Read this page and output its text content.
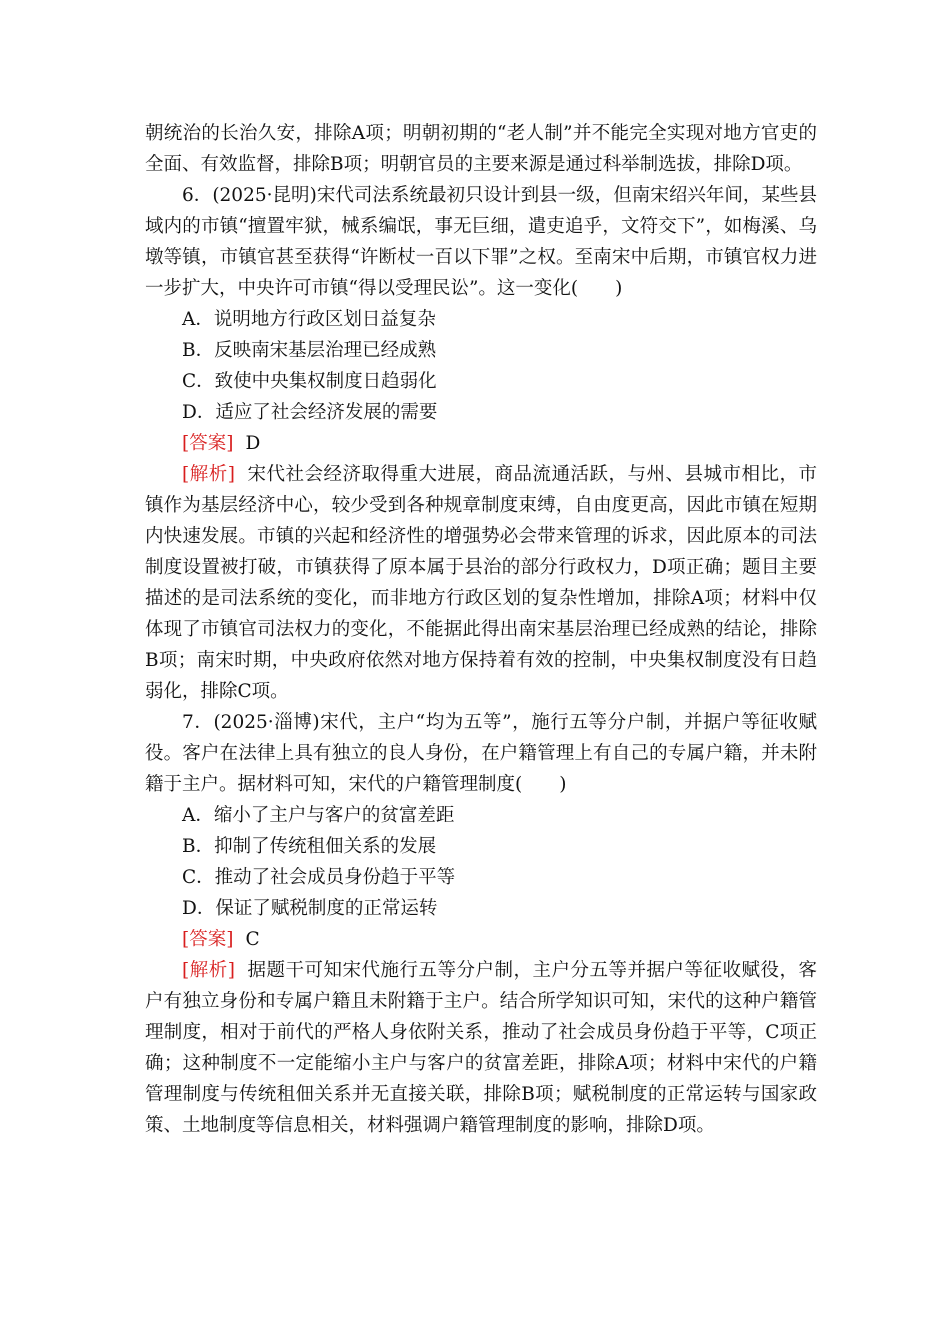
朝统治的长治久安，排除A项；明朝初期的“老人制”并不能完全实现对地方官吏的全面、有效监督，排除B项；明朝官员的主要来源是通过科举制选拔，排除D项。

6．(2025·昆明)宋代司法系统最初只设计到县一级，但南宋绍兴年间，某些县域内的市镇“擅置牢狱，械系编氓，事无巨细，遣吏追乎，文符交下”，如梅溪、乌墩等镇，市镇官甚至获得“许断杖一百以下罪”之权。至南宋中后期，市镇官权力进一步扩大，中央许可市镇“得以受理民讼”。这一变化(　　)

A．说明地方行政区划日益复杂

B．反映南宋基层治理已经成熟

C．致使中央集权制度日趋弱化

D．适应了社会经济发展的需要

[答案] D

[解析] 宋代社会经济取得重大进展，商品流通活跃，与州、县城市相比，市镇作为基层经济中心，较少受到各种规章制度束缚，自由度更高，因此市镇在短期内快速发展。市镇的兴起和经济性的增强势必会带来管理的诉求，因此原本的司法制度设置被打破，市镇获得了原本属于县治的部分行政权力，D项正确；题目主要描述的是司法系统的变化，而非地方行政区划的复杂性增加，排除A项；材料中仅体现了市镇官司法权力的变化，不能据此得出南宋基层治理已经成熟的结论，排除B项；南宋时期，中央政府依然对地方保持着有效的控制，中央集权制度没有日趋弱化，排除C项。

7．(2025·淄博)宋代，主户“均为五等”，施行五等分户制，并据户等征收赋役。客户在法律上具有独立的良人身份，在户籍管理上有自己的专属户籍，并未附籍于主户。据材料可知，宋代的户籍管理制度(　　)

A．缩小了主户与客户的贫富差距

B．抑制了传统租佃关系的发展

C．推动了社会成员身份趋于平等

D．保证了赋税制度的正常运转

[答案] C

[解析] 据题干可知宋代施行五等分户制，主户分五等并据户等征收赋役，客户有独立身份和专属户籍且未附籍于主户。结合所学知识可知，宋代的这种户籍管理制度，相对于前代的严格人身依附关系，推动了社会成员身份趋于平等，C项正确；这种制度不一定能缩小主户与客户的贫富差距，排除A项；材料中宋代的户籍管理制度与传统租佃关系并无直接关联，排除B项；赋税制度的正常运转与国家政策、土地制度等信息相关，材料强调户籍管理制度的影响，排除D项。
